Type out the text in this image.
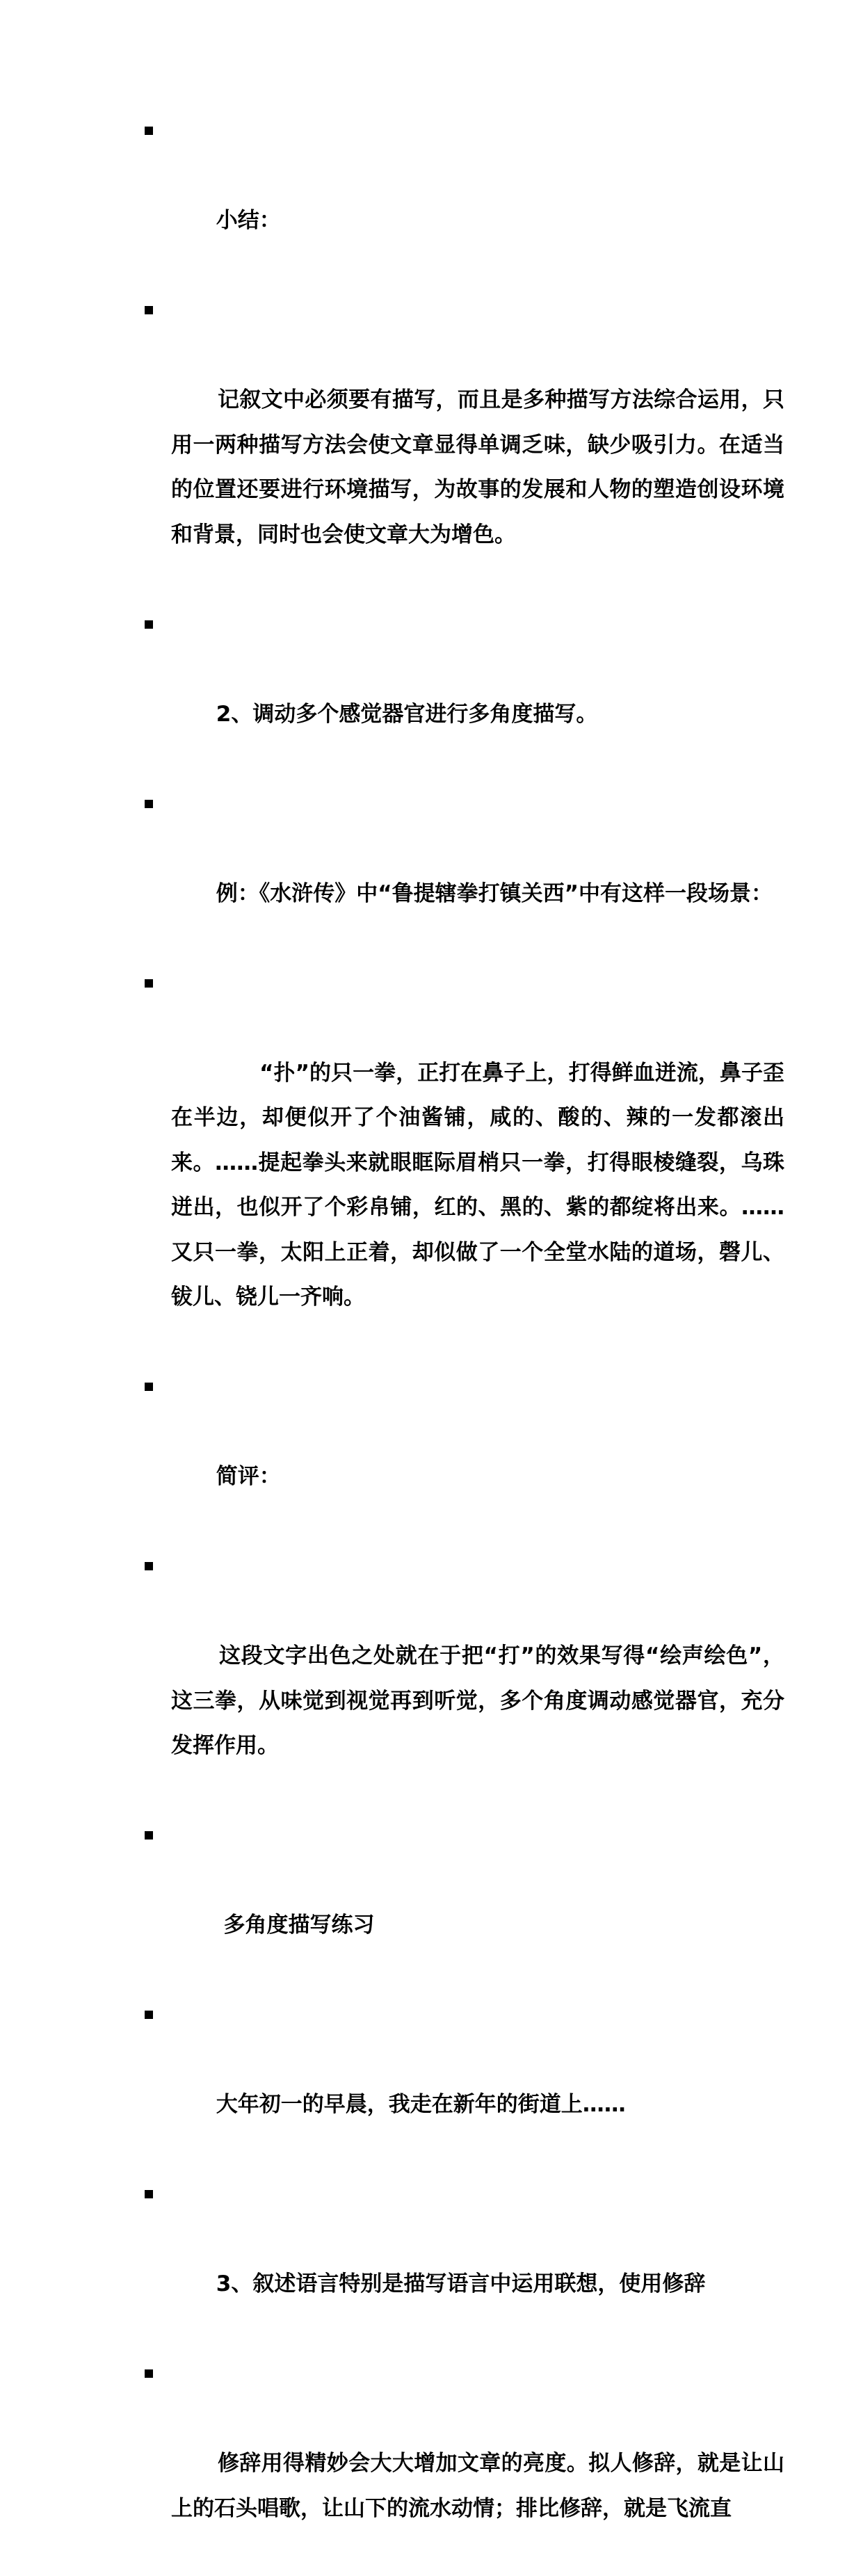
小结：

记叙文中必须要有描写，而且是多种描写方法综合运用，只用一两种描写方法会使文章显得单调乏味，缺少吸引力。在适当的位置还要进行环境描写，为故事的发展和人物的塑造创设环境和背景，同时也会使文章大为增色。

2、调动多个感觉器官进行多角度描写。

例：《水浒传》中“鲁提辖拳打镇关西”中有这样一段场景：

　　“扑”的只一拳，正打在鼻子上，打得鲜血迸流，鼻子歪在半边，却便似开了个油酱铺，咸的、酸的、辣的一发都滚出来。……提起拳头来就眼眶际眉梢只一拳，打得眼棱缝裂，乌珠迸出，也似开了个彩帛铺，红的、黑的、紫的都绽将出来。……又只一拳，太阳上正着，却似做了一个全堂水陆的道场，磬儿、钹儿、铙儿一齐响。

简评：

这段文字出色之处就在于把“打”的效果写得“绘声绘色”，这三拳，从味觉到视觉再到听觉，多个角度调动感觉器官，充分发挥作用。

多角度描写练习

大年初一的早晨，我走在新年的街道上……

3、叙述语言特别是描写语言中运用联想，使用修辞

修辞用得精妙会大大增加文章的亮度。拟人修辞，就是让山上的石头唱歌，让山下的流水动情；排比修辞，就是飞流直
